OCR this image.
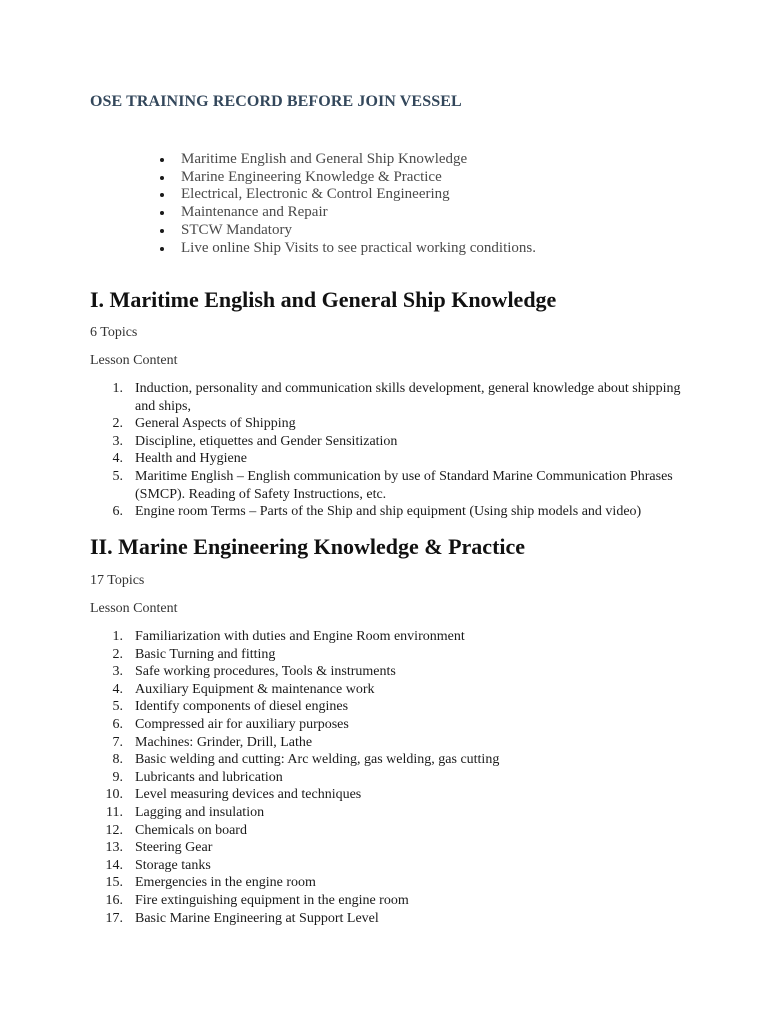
OSE TRAINING RECORD BEFORE JOIN VESSEL
Maritime English and General Ship Knowledge
Marine Engineering Knowledge & Practice
Electrical, Electronic & Control Engineering
Maintenance and Repair
STCW Mandatory
Live online Ship Visits to see practical working conditions.
I. Maritime English and General Ship Knowledge

6 Topics

Lesson Content

1. Induction, personality and communication skills development, general knowledge about shipping and ships,
2. General Aspects of Shipping
3. Discipline, etiquettes and Gender Sensitization
4. Health and Hygiene
5. Maritime English – English communication by use of Standard Marine Communication Phrases (SMCP). Reading of Safety Instructions, etc.
6. Engine room Terms – Parts of the Ship and ship equipment (Using ship models and video)
II. Marine Engineering Knowledge & Practice

17 Topics

Lesson Content

1. Familiarization with duties and Engine Room environment
2. Basic Turning and fitting
3. Safe working procedures, Tools & instruments
4. Auxiliary Equipment & maintenance work
5. Identify components of diesel engines
6. Compressed air for auxiliary purposes
7. Machines: Grinder, Drill, Lathe
8. Basic welding and cutting: Arc welding, gas welding, gas cutting
9. Lubricants and lubrication
10. Level measuring devices and techniques
11. Lagging and insulation
12. Chemicals on board
13. Steering Gear
14. Storage tanks
15. Emergencies in the engine room
16. Fire extinguishing equipment in the engine room
17. Basic Marine Engineering at Support Level
